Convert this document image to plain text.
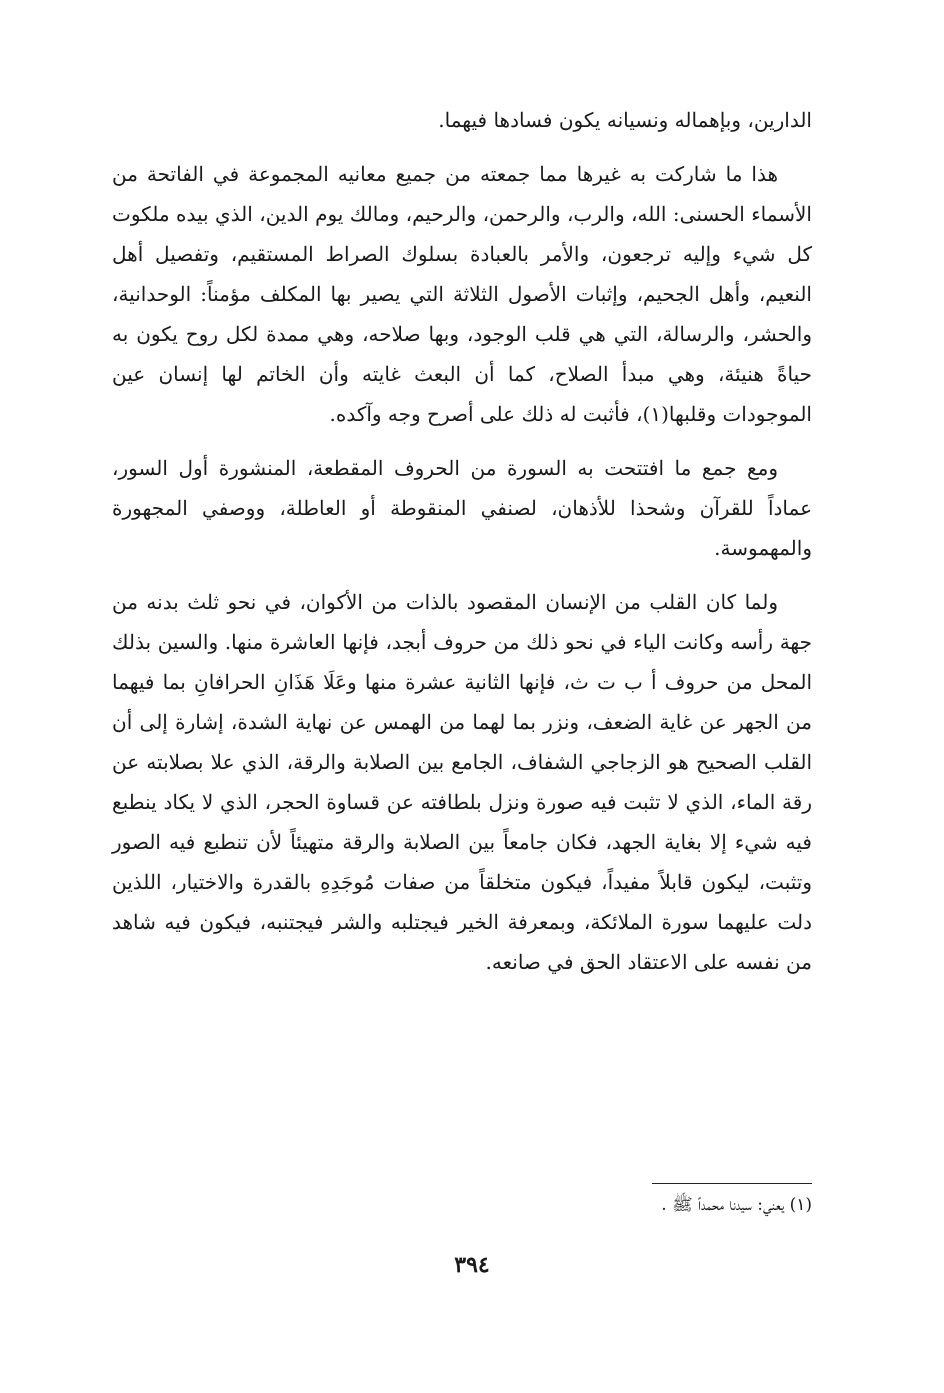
الدارين، وبإهماله ونسيانه يكون فسادها فيهما.

هذا ما شاركت به غيرها مما جمعته من جميع معانيه المجموعة في الفاتحة من الأسماء الحسنى: الله، والرب، والرحمن، والرحيم، ومالك يوم الدين، الذي بيده ملكوت كل شيء وإليه ترجعون، والأمر بالعبادة بسلوك الصراط المستقيم، وتفصيل أهل النعيم، وأهل الجحيم، وإثبات الأصول الثلاثة التي يصير بها المكلف مؤمناً: الوحدانية، والحشر، والرسالة، التي هي قلب الوجود، وبها صلاحه، وهي ممدة لكل روح يكون به حياةً هنيئة، وهي مبدأ الصلاح، كما أن البعث غايته وأن الخاتم لها إنسان عين الموجودات وقلبها(١)، فأثبت له ذلك على أصرح وجه وآكده.

ومع جمع ما افتتحت به السورة من الحروف المقطعة، المنشورة أول السور، عماداً للقرآن وشحذا للأذهان، لصنفي المنقوطة أو العاطلة، ووصفي المجهورة والمهموسة.

ولما كان القلب من الإنسان المقصود بالذات من الأكوان، في نحو ثلث بدنه من جهة رأسه وكانت الياء في نحو ذلك من حروف أبجد، فإنها العاشرة منها. والسين بذلك المحل من حروف أ ب ت ث، فإنها الثانية عشرة منها وعَلَا هَذَانِ الحرافانِ بما فيهما من الجهر عن غاية الضعف، ونزر بما لهما من الهمس عن نهاية الشدة، إشارة إلى أن القلب الصحيح هو الزجاجي الشفاف، الجامع بين الصلابة والرقة، الذي علا بصلابته عن رقة الماء، الذي لا تثبت فيه صورة ونزل بلطافته عن قساوة الحجر، الذي لا يكاد ينطبع فيه شيء إلا بغاية الجهد، فكان جامعاً بين الصلابة والرقة متهيئاً لأن تنطبع فيه الصور وتثبت، ليكون قابلاً مفيداً، فيكون متخلقاً من صفات مُوجَدِهِ بالقدرة والاختيار، اللذين دلت عليهما سورة الملائكة، وبمعرفة الخير فيجتلبه والشر فيجتنبه، فيكون فيه شاهد من نفسه على الاعتقاد الحق في صانعه.

(١) يعني: سيدنا محمداً ﷺ .
٣٩٤
